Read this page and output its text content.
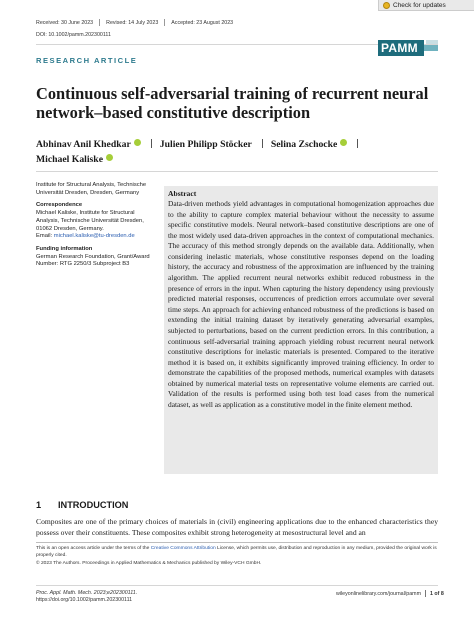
Received: 30 June 2023 Revised: 14 July 2023 Accepted: 23 August 2023
Check for updates
DOI: 10.1002/pamm.202300111
RESEARCH ARTICLE
PAMM
Continuous self-adversarial training of recurrent neural network–based constitutive description
Abhinav Anil Khedkar	Julien Philipp Stöcker Selina Zschocke
Michael Kaliske
Institute for Structural Analysis, Technische Universität Dresden, Dresden, Germany
Correspondence
Michael Kaliske, Institute for Structural Analysis, Technische Universität Dresden, 01062 Dresden, Germany.
Email: michael.kaliske@tu-dresden.de
Funding information
German Research Foundation, Grant/Award Number: RTG 2250/3 Subproject B3
Abstract
Data-driven methods yield advantages in computational homogenization approaches due to the ability to capture complex material behaviour without the necessity to assume specific constitutive models. Neural network–based constitutive descriptions are one of the most widely used data-driven approaches in the context of computational mechanics. The accuracy of this method strongly depends on the available data. Additionally, when considering inelastic materials, whose constitutive responses depend on the loading history, the accuracy and robustness of the approximation are influenced by the training algorithm. The applied recurrent neural networks exhibit reduced robustness in the presence of errors in the input. When capturing the history dependency using previously predicted material responses, occurrences of prediction errors accumulate over several time steps. An approach for achieving enhanced robustness of the predictions is based on extending the initial training dataset by iteratively generating adversarial examples, subjected to perturbations, based on the current prediction errors. In this contribution, a continuous self-adversarial training approach yielding robust recurrent neural network constitutive descriptions for inelastic materials is presented. Compared to the iterative method it is based on, it exhibits significantly improved training efficiency. In order to demonstrate the capabilities of the proposed methods, numerical examples with datasets obtained by numerical material tests on representative volume elements are carried out. Validation of the results is performed using both test load cases from the numerical dataset, as well as application as a constitutive model in the finite element method.
1 INTRODUCTION
Composites are one of the primary choices of materials in (civil) engineering applications due to the enhanced characteristics they possess over their constituents. These composites exhibit strong heterogeneity at mesostructural level and an
This is an open access article under the terms of the Creative Commons Attribution License, which permits use, distribution and reproduction in any medium, provided the original work is properly cited.
© 2023 The Authors. Proceedings in Applied Mathematics & Mechanics published by Wiley-VCH GmbH.
Proc. Appl. Math. Mech. 2023;e202300111.
https://doi.org/10.1002/pamm.202300111
wileyonlinelibrary.com/journal/pamm 1 of 8
